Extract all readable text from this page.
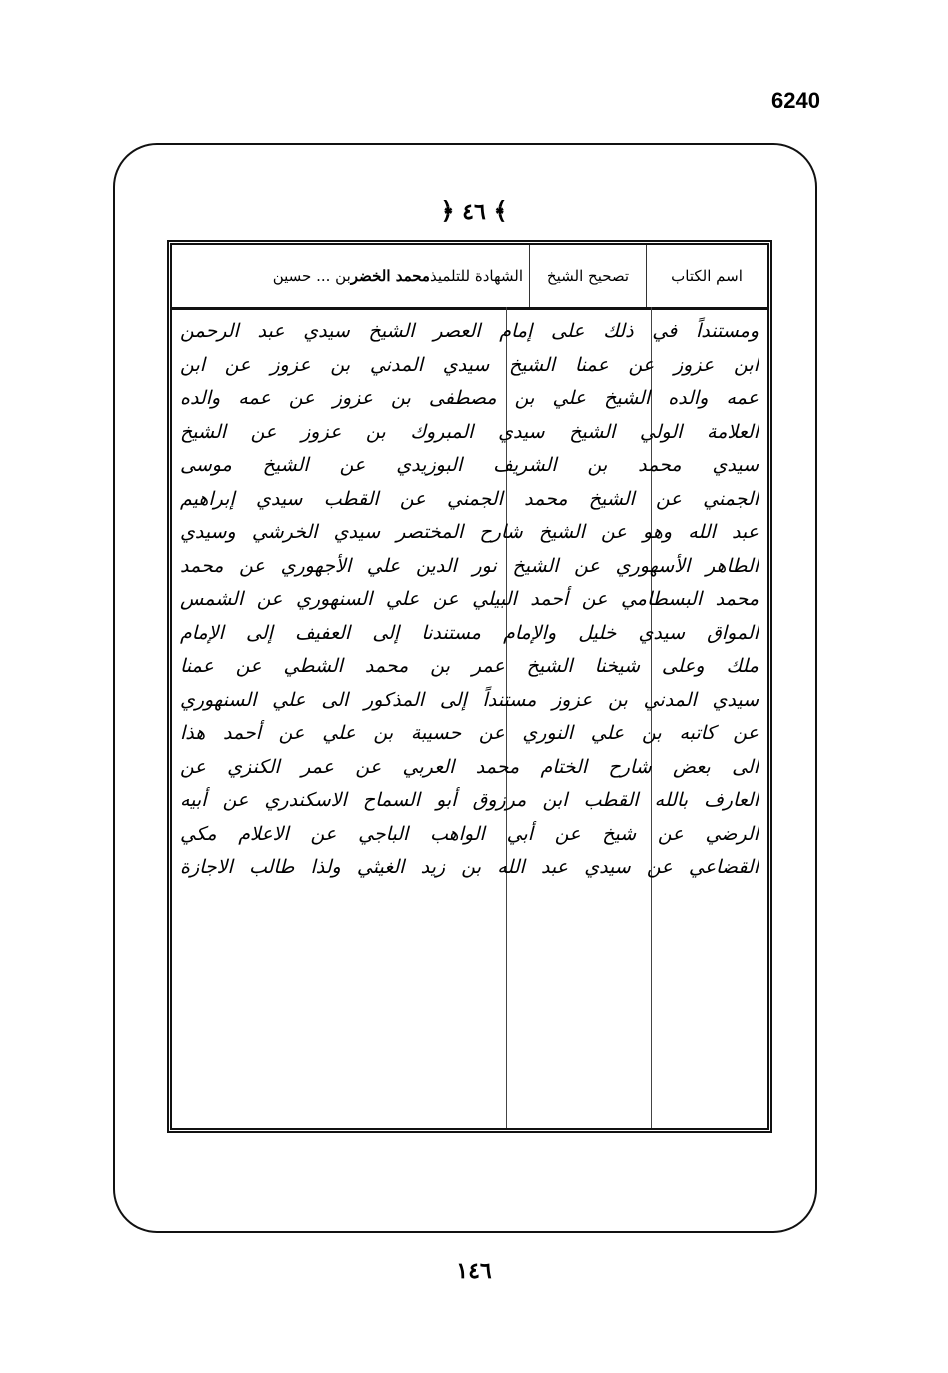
6240
﴿ ٤٦ ﴾
اسم الكتاب
تصحيح الشيخ
الشهادة للتلميذ
محمد الخضر
بن ... حسين
ومستنداً في ذلك على إمام العصر الشيخ سيدي عبد الرحمن
ابن عزوز عن عمنا الشيخ سيدي المدني بن عزوز عن ابن
عمه والده الشيخ علي بن مصطفى بن عزوز عن عمه والده
العلامة الولي الشيخ سيدي المبروك بن عزوز عن الشيخ
سيدي محمد بن الشريف البوزيدي عن الشيخ موسى
الجمني عن الشيخ محمد الجمني عن القطب سيدي إبراهيم
عبد الله وهو عن الشيخ شارح المختصر سيدي الخرشي وسيدي
الطاهر الأسهوري عن الشيخ نور الدين علي الأجهوري عن محمد
محمد البسطامي عن أحمد البيلي عن علي السنهوري عن الشمس
المواق سيدي خليل والإمام مستندنا إلى العفيف إلى الإمام
ملك وعلى شيخنا الشيخ عمر بن محمد الشطي عن عمنا
سيدي المدني بن عزوز مستنداً إلى المذكور الى علي السنهوري
عن كاتبه بن علي النوري عن حسيبة بن علي عن أحمد هذا
الى بعض شارح الختام محمد العربي عن عمر الكنزي عن
العارف بالله القطب ابن مرزوق أبو السماح الاسكندري عن أبيه
الرضي عن شيخ عن أبي الواهب الباجي عن الاعلام مكي
القضاعي عن سيدي عبد الله بن زيد الغيثي ولذا طالب الاجازة
١٤٦
